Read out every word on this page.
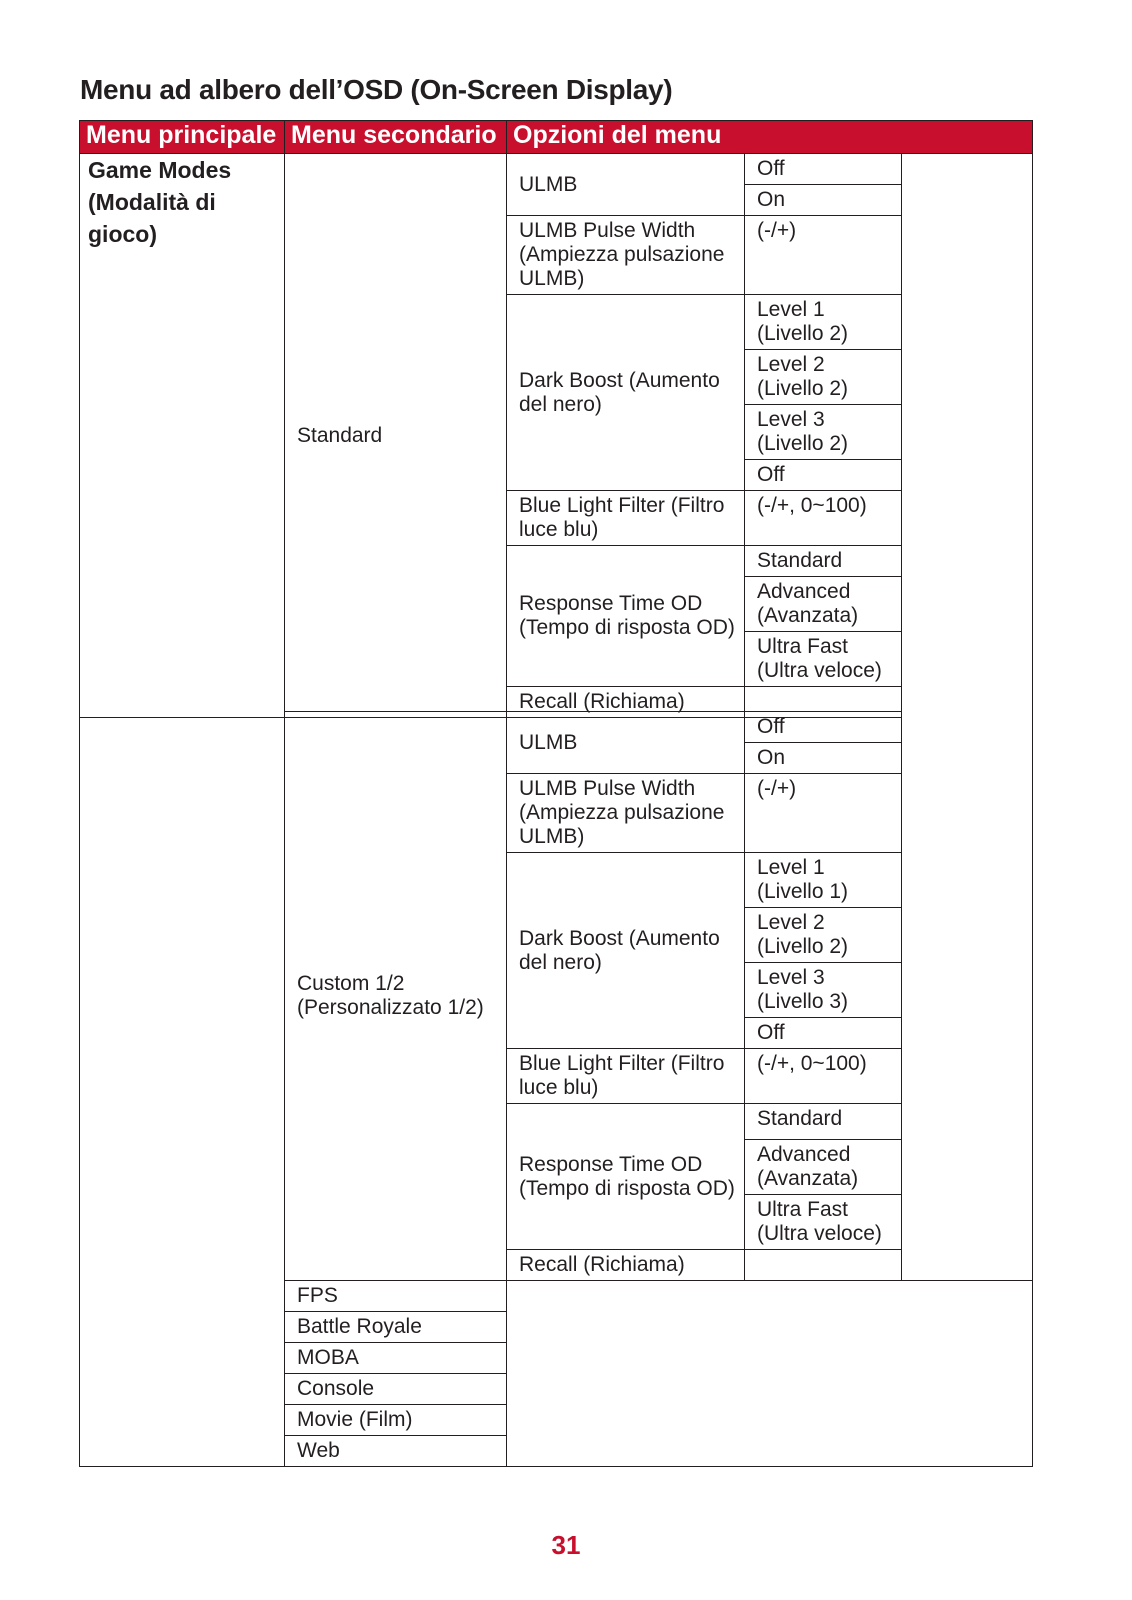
Menu ad albero dell’OSD (On-Screen Display)
Menu principale	Menu secondario	Opzioni del menu		
Game Modes (Modalità di gioco)	Standard	ULMB	Off	
			On	
		ULMB Pulse Width (Ampiezza pulsazione ULMB)	(-/+)	
		Dark Boost (Aumento del nero)	Level 1 (Livello 2)	
			Level 2 (Livello 2)	
			Level 3 (Livello 2)	
			Off	
		Blue Light Filter (Filtro luce blu)	(-/+, 0~100)	
		Response Time OD (Tempo di risposta OD)	Standard	
			Advanced (Avanzata)	
			Ultra Fast (Ultra veloce)	
		Recall (Richiama)		
	Custom 1/2 (Personalizzato 1/2)	ULMB	Off	
			On	
		ULMB Pulse Width (Ampiezza pulsazione ULMB)	(-/+)	
		Dark Boost (Aumento del nero)	Level 1 (Livello 1)	
			Level 2 (Livello 2)	
			Level 3 (Livello 3)	
			Off	
		Blue Light Filter (Filtro luce blu)	(-/+, 0~100)	
		Response Time OD (Tempo di risposta OD)	Standard	
			Advanced (Avanzata)	
			Ultra Fast (Ultra veloce)	
		Recall (Richiama)		
	FPS			
	Battle Royale			
	MOBA			
	Console			
	Movie (Film)			
	Web			
31
